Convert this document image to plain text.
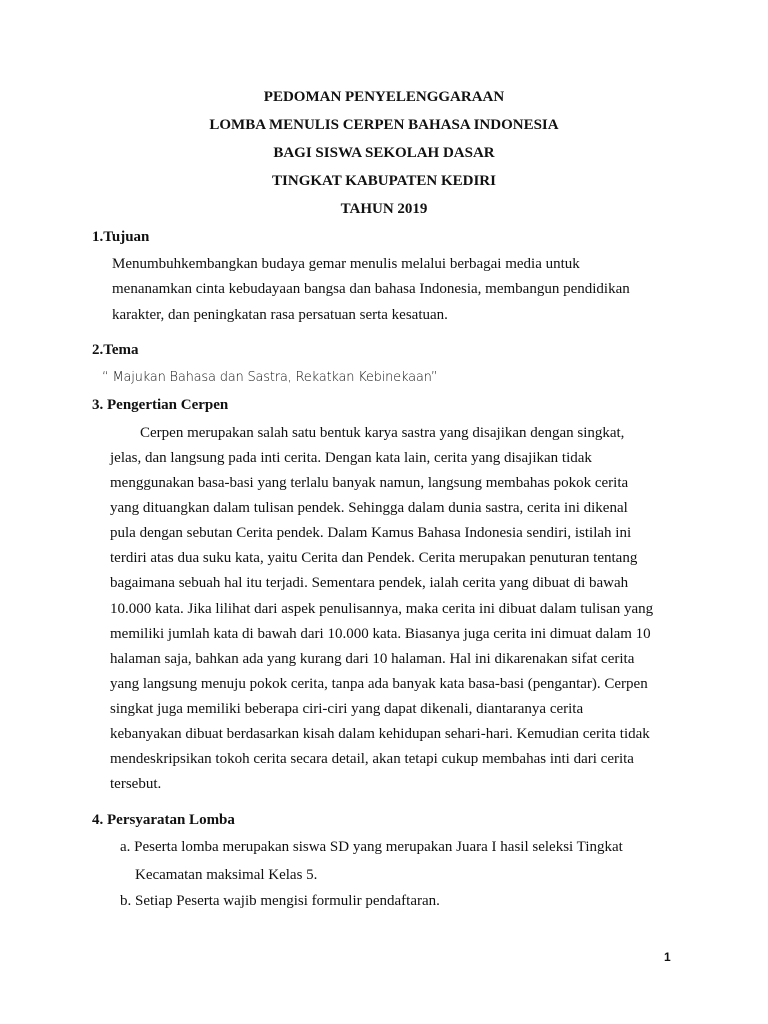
PEDOMAN PENYELENGGARAAN
LOMBA MENULIS CERPEN BAHASA INDONESIA
BAGI SISWA SEKOLAH DASAR
TINGKAT KABUPATEN KEDIRI
TAHUN 2019
1.Tujuan
Menumbuhkembangkan budaya gemar menulis melalui berbagai media untuk
menanamkan cinta kebudayaan bangsa dan bahasa Indonesia, membangun pendidikan
karakter, dan peningkatan rasa persatuan serta kesatuan.
2.Tema
“ Majukan Bahasa dan Sastra, Rekatkan Kebinekaan”
3. Pengertian Cerpen
Cerpen merupakan salah satu bentuk karya sastra yang disajikan dengan singkat,
jelas, dan langsung pada inti cerita. Dengan kata lain, cerita yang disajikan tidak
menggunakan basa-basi yang terlalu banyak namun, langsung membahas pokok cerita
yang dituangkan dalam tulisan pendek. Sehingga dalam dunia sastra, cerita ini dikenal
pula dengan sebutan Cerita pendek. Dalam Kamus Bahasa Indonesia sendiri, istilah ini
terdiri atas dua suku kata, yaitu Cerita dan Pendek. Cerita merupakan penuturan tentang
bagaimana sebuah hal itu terjadi. Sementara pendek, ialah cerita yang dibuat di bawah
10.000 kata. Jika lilihat dari aspek penulisannya, maka cerita ini dibuat dalam tulisan yang
memiliki jumlah kata di bawah dari 10.000 kata. Biasanya juga cerita ini dimuat dalam 10
halaman saja, bahkan ada yang kurang dari 10 halaman. Hal ini dikarenakan sifat cerita
yang langsung menuju pokok cerita, tanpa ada banyak kata basa-basi (pengantar). Cerpen
singkat juga memiliki beberapa ciri-ciri yang dapat dikenali, diantaranya cerita
kebanyakan dibuat berdasarkan kisah dalam kehidupan sehari-hari. Kemudian cerita tidak
mendeskripsikan tokoh cerita secara detail, akan tetapi cukup membahas inti dari cerita
tersebut.
4. Persyaratan Lomba
a. Peserta lomba merupakan siswa SD yang merupakan Juara I hasil seleksi Tingkat
Kecamatan maksimal Kelas 5.
b. Setiap Peserta wajib mengisi formulir pendaftaran.
1
